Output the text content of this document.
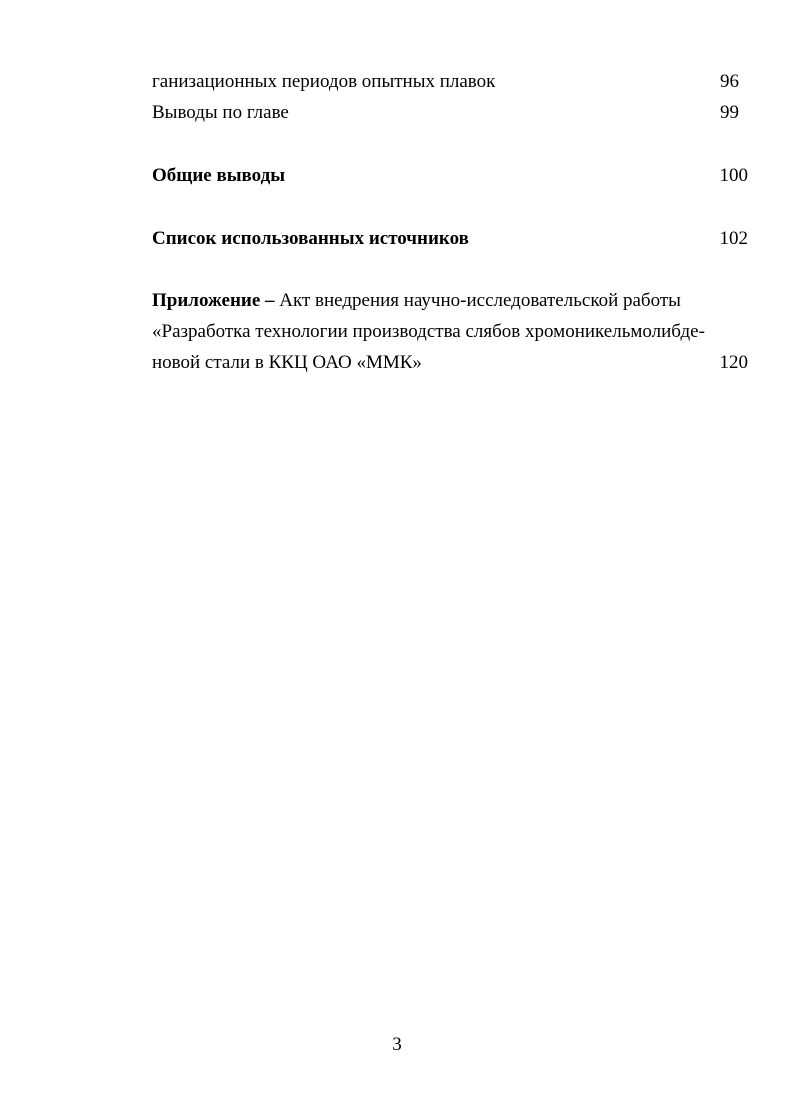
ганизационных периодов опытных плавок	96
Выводы по главе	99
Общие выводы	100
Список использованных источников	102
Приложение – Акт внедрения научно-исследовательской работы
«Разработка технологии производства слябов хромоникельмолибде-
новой стали в ККЦ ОАО «ММК»	120
3
